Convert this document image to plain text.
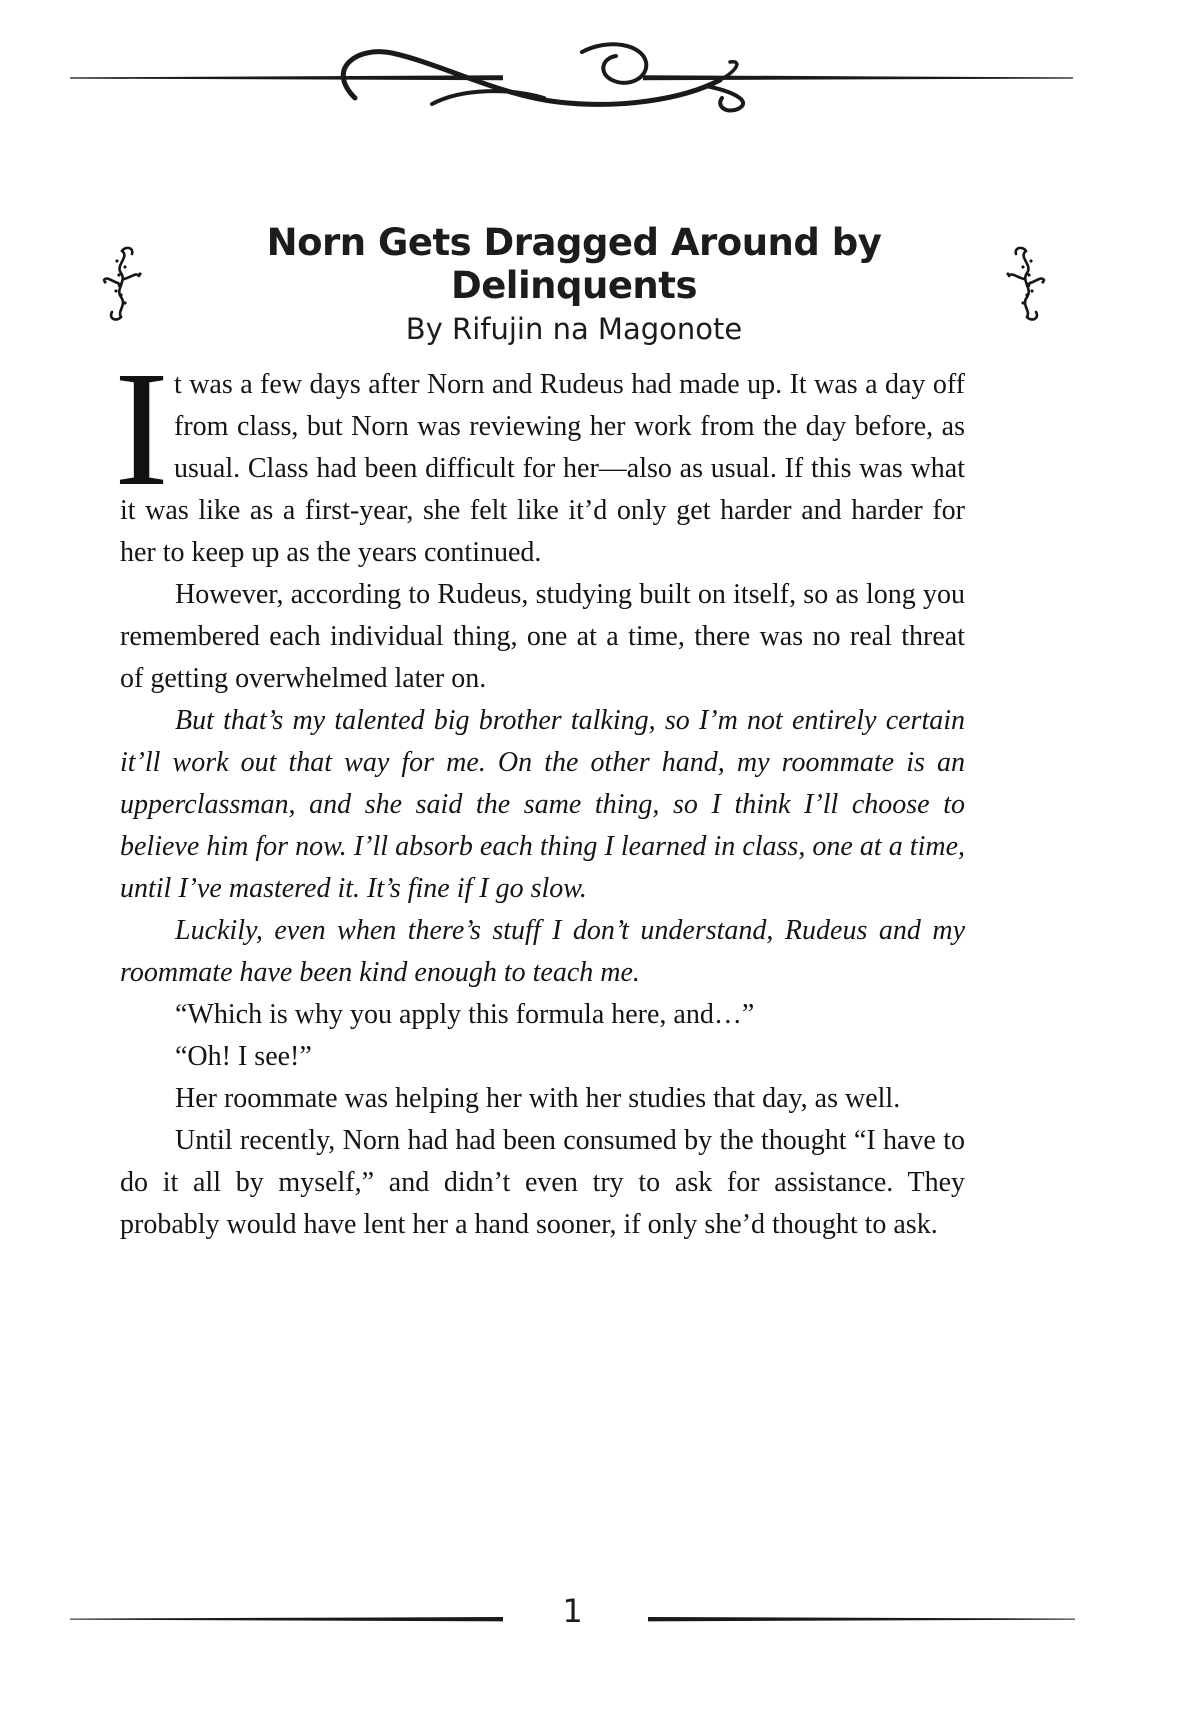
Norn Gets Dragged Around by Delinquents
By Rifujin na Magonote

It was a few days after Norn and Rudeus had made up. It was a day off from class, but Norn was reviewing her work from the day before, as usual. Class had been difficult for her—also as usual. If this was what it was like as a first-year, she felt like it’d only get harder and harder for her to keep up as the years continued.

However, according to Rudeus, studying built on itself, so as long you remembered each individual thing, one at a time, there was no real threat of getting overwhelmed later on.

But that’s my talented big brother talking, so I’m not entirely certain it’ll work out that way for me. On the other hand, my roommate is an upperclassman, and she said the same thing, so I think I’ll choose to believe him for now. I’ll absorb each thing I learned in class, one at a time, until I’ve mastered it. It’s fine if I go slow.

Luckily, even when there’s stuff I don’t understand, Rudeus and my roommate have been kind enough to teach me.

“Which is why you apply this formula here, and…”

“Oh! I see!”

Her roommate was helping her with her studies that day, as well.

Until recently, Norn had had been consumed by the thought “I have to do it all by myself,” and didn’t even try to ask for assistance. They probably would have lent her a hand sooner, if only she’d thought to ask.

1
